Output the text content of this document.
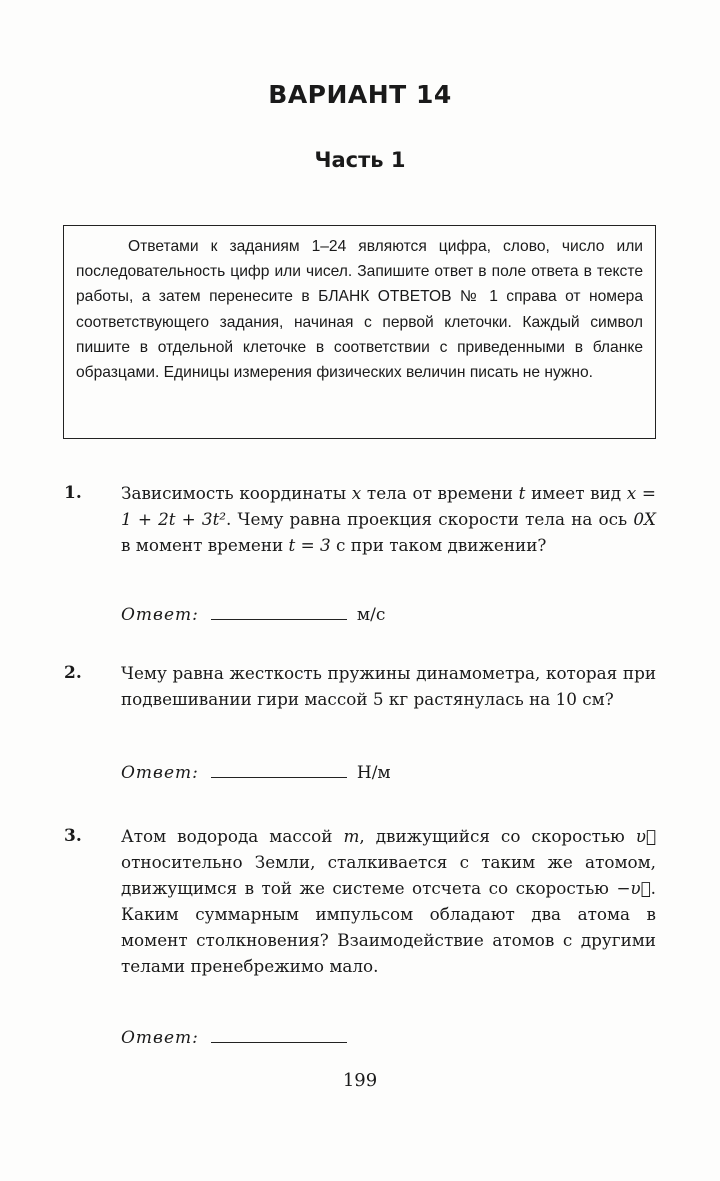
ВАРИАНТ 14
Часть 1

Ответами к заданиям 1–24 являются цифра, слово, число или последовательность цифр или чисел. Запишите ответ в поле ответа в тексте работы, а затем перенесите в БЛАНК ОТВЕТОВ № 1 справа от номера соответствующего задания, начиная с первой клеточки. Каждый символ пишите в отдельной клеточке в соответствии с приведенными в бланке образцами. Единицы измерения физических величин писать не нужно.

1. Зависимость координаты x тела от времени t имеет вид x = 1 + 2t + 3t². Чему равна проекция скорости тела на ось 0X в момент времени t = 3 с при таком движении?
Ответ:	м/с
2. Чему равна жесткость пружины динамометра, которая при подвешивании гири массой 5 кг растянулась на 10 см?
Ответ:	Н/м
3. Атом водорода массой m, движущийся со скоростью υ⃗ относительно Земли, сталкивается с таким же атомом, движущимся в той же системе отсчета со скоростью −υ⃗. Каким суммарным импульсом обладают два атома в момент столкновения? Взаимодействие атомов с другими телами пренебрежимо мало.
Ответ:
199
